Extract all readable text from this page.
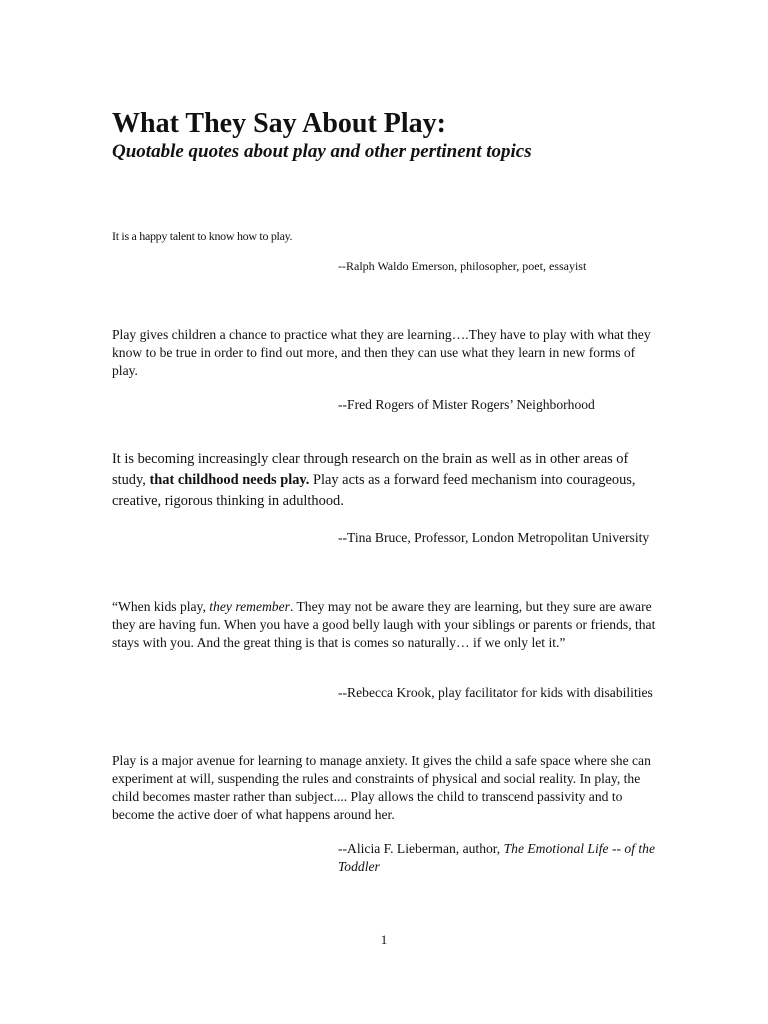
What They Say About Play:
Quotable quotes about play and other pertinent topics

It is a happy talent to know how to play.

--Ralph Waldo Emerson, philosopher, poet, essayist

Play gives children a chance to practice what they are learning….They have to play with what they know to be true in order to find out more, and then they can use what they learn in new forms of play.

--Fred Rogers of Mister Rogers’ Neighborhood

It is becoming increasingly clear through research on the brain as well as in other areas of study, that childhood needs play. Play acts as a forward feed mechanism into courageous, creative, rigorous thinking in adulthood.

--Tina Bruce, Professor, London Metropolitan University

“When kids play, they remember. They may not be aware they are learning, but they sure are aware they are having fun. When you have a good belly laugh with your siblings or parents or friends, that stays with you. And the great thing is that is comes so naturally… if we only let it.”

--Rebecca Krook, play facilitator for kids with disabilities

Play is a major avenue for learning to manage anxiety. It gives the child a safe space where she can experiment at will, suspending the rules and constraints of physical and social reality. In play, the child becomes master rather than subject.... Play allows the child to transcend passivity and to become the active doer of what happens around her.

--Alicia F. Lieberman, author, The Emotional Life -- of the Toddler

1
